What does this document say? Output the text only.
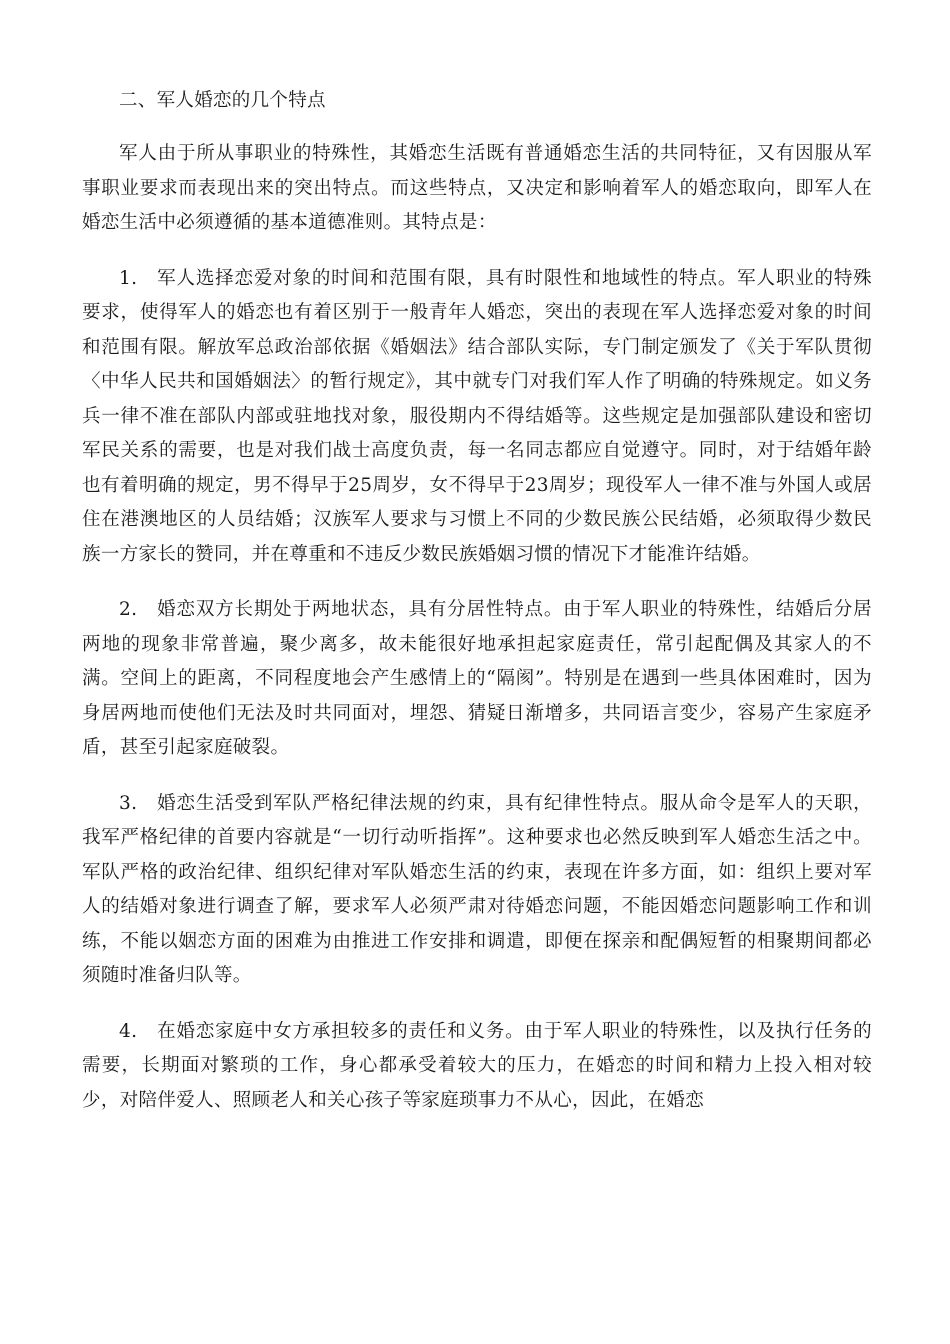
二、军人婚恋的几个特点

军人由于所从事职业的特殊性，其婚恋生活既有普通婚恋生活的共同特征，又有因服从军事职业要求而表现出来的突出特点。而这些特点，又决定和影响着军人的婚恋取向，即军人在婚恋生活中必须遵循的基本道德准则。其特点是：

1.　军人选择恋爱对象的时间和范围有限，具有时限性和地域性的特点。军人职业的特殊要求，使得军人的婚恋也有着区别于一般青年人婚恋，突出的表现在军人选择恋爱对象的时间和范围有限。解放军总政治部依据《婚姻法》结合部队实际，专门制定颁发了《关于军队贯彻〈中华人民共和国婚姻法〉的暂行规定》，其中就专门对我们军人作了明确的特殊规定。如义务兵一律不准在部队内部或驻地找对象，服役期内不得结婚等。这些规定是加强部队建设和密切军民关系的需要，也是对我们战士高度负责，每一名同志都应自觉遵守。同时，对于结婚年龄也有着明确的规定，男不得早于25周岁，女不得早于23周岁；现役军人一律不准与外国人或居住在港澳地区的人员结婚；汉族军人要求与习惯上不同的少数民族公民结婚，必须取得少数民族一方家长的赞同，并在尊重和不违反少数民族婚姻习惯的情况下才能准许结婚。

2.　婚恋双方长期处于两地状态，具有分居性特点。由于军人职业的特殊性，结婚后分居两地的现象非常普遍，聚少离多，故未能很好地承担起家庭责任，常引起配偶及其家人的不满。空间上的距离，不同程度地会产生感情上的“隔阂”。特别是在遇到一些具体困难时，因为身居两地而使他们无法及时共同面对，埋怨、猜疑日渐增多，共同语言变少，容易产生家庭矛盾，甚至引起家庭破裂。

3.　婚恋生活受到军队严格纪律法规的约束，具有纪律性特点。服从命令是军人的天职，我军严格纪律的首要内容就是“一切行动听指挥”。这种要求也必然反映到军人婚恋生活之中。军队严格的政治纪律、组织纪律对军队婚恋生活的约束，表现在许多方面，如：组织上要对军人的结婚对象进行调查了解，要求军人必须严肃对待婚恋问题，不能因婚恋问题影响工作和训练，不能以姻恋方面的困难为由推进工作安排和调遣，即便在探亲和配偶短暂的相聚期间都必须随时准备归队等。

4.　在婚恋家庭中女方承担较多的责任和义务。由于军人职业的特殊性，以及执行任务的需要，长期面对繁琐的工作，身心都承受着较大的压力，在婚恋的时间和精力上投入相对较少，对陪伴爱人、照顾老人和关心孩子等家庭琐事力不从心，因此，在婚恋
